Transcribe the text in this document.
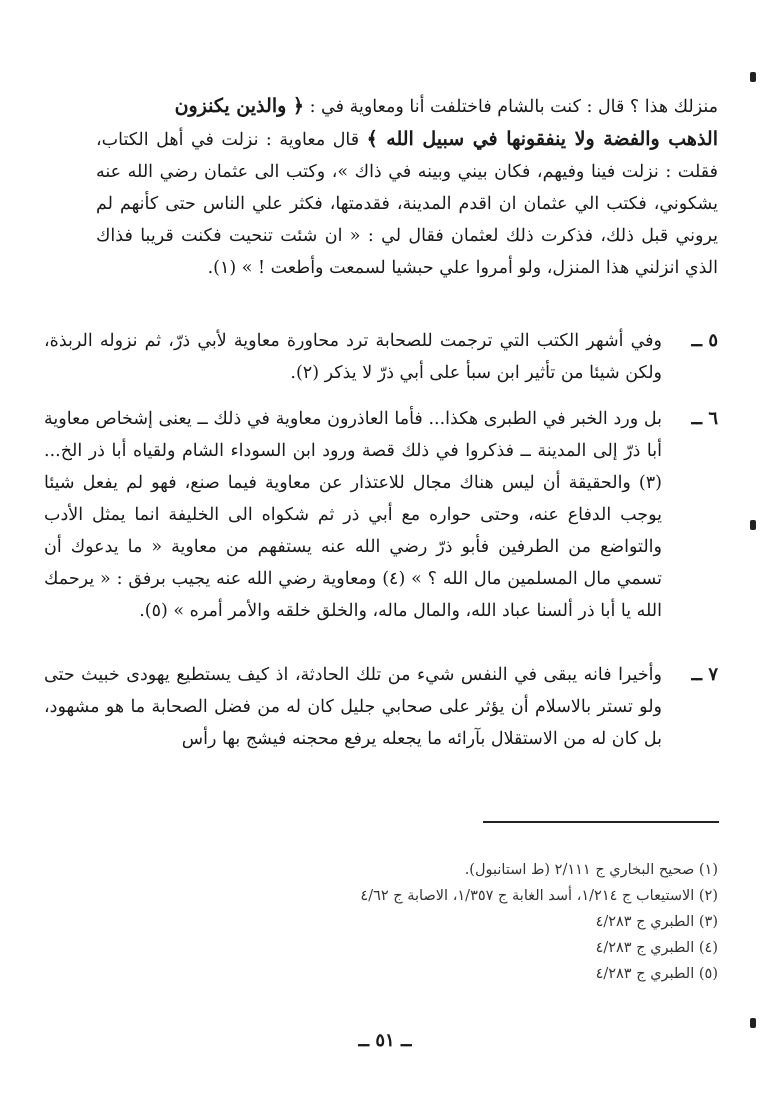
منزلك هذا ؟ قال : كنت بالشام فاختلفت أنا ومعاوية في : ﴿ والذين يكنزون
الذهب والفضة ولا ينفقونها في سبيل الله ﴾ قال معاوية : نزلت في أهل الكتاب، فقلت : نزلت فينا وفيهم، فكان بيني وبينه في ذاك »، وكتب الى عثمان رضي الله عنه يشكوني، فكتب الي عثمان ان اقدم المدينة، فقدمتها، فكثر علي الناس حتى كأنهم لم يروني قبل ذلك، فذكرت ذلك لعثمان فقال لي : « ان شئت تنحيت فكنت قريبا فذاك الذي انزلني هذا المنزل، ولو أمروا علي حبشيا لسمعت وأطعت ! » (١).

٥ ــ
وفي أشهر الكتب التي ترجمت للصحابة ترد محاورة معاوية لأبي ذرّ، ثم نزوله الربذة، ولكن شيئا من تأثير ابن سبأ على أبي ذرّ لا يذكر (٢).
٦ ــ
بل ورد الخبر في الطبرى هكذا... فأما العاذرون معاوية في ذلك ــ يعنى إشخاص معاوية أبا ذرّ إلى المدينة ــ فذكروا في ذلك قصة ورود ابن السوداء الشام ولقياه أبا ذر الخ... (٣) والحقيقة أن ليس هناك مجال للاعتذار عن معاوية فيما صنع، فهو لم يفعل شيئا يوجب الدفاع عنه، وحتى حواره مع أبي ذر ثم شكواه الى الخليفة انما يمثل الأدب والتواضع من الطرفين فأبو ذرّ رضي الله عنه يستفهم من معاوية « ما يدعوك أن تسمي مال المسلمين مال الله ؟ » (٤) ومعاوية رضي الله عنه يجيب برفق : « يرحمك الله يا أبا ذر ألسنا عباد الله، والمال ماله، والخلق خلقه والأمر أمره » (٥).
٧ ــ
وأخيرا فانه يبقى في النفس شيء من تلك الحادثة، اذ كيف يستطيع يهودى خبيث حتى ولو تستر بالاسلام أن يؤثر على صحابي جليل كان له من فضل الصحابة ما هو مشهود، بل كان له من الاستقلال بآرائه ما يجعله يرفع محجنه فيشج بها رأس
(١) صحيح البخاري ج ٢/١١١ (ط استانبول).
(٢) الاستيعاب ج ١/٢١٤، أسد الغابة ج ١/٣٥٧، الاصابة ج ٤/٦٢
(٣) الطبري ج ٤/٢٨٣
(٤) الطبري ج ٤/٢٨٣
(٥) الطبري ج ٤/٢٨٣
ــ ٥١ ــ
